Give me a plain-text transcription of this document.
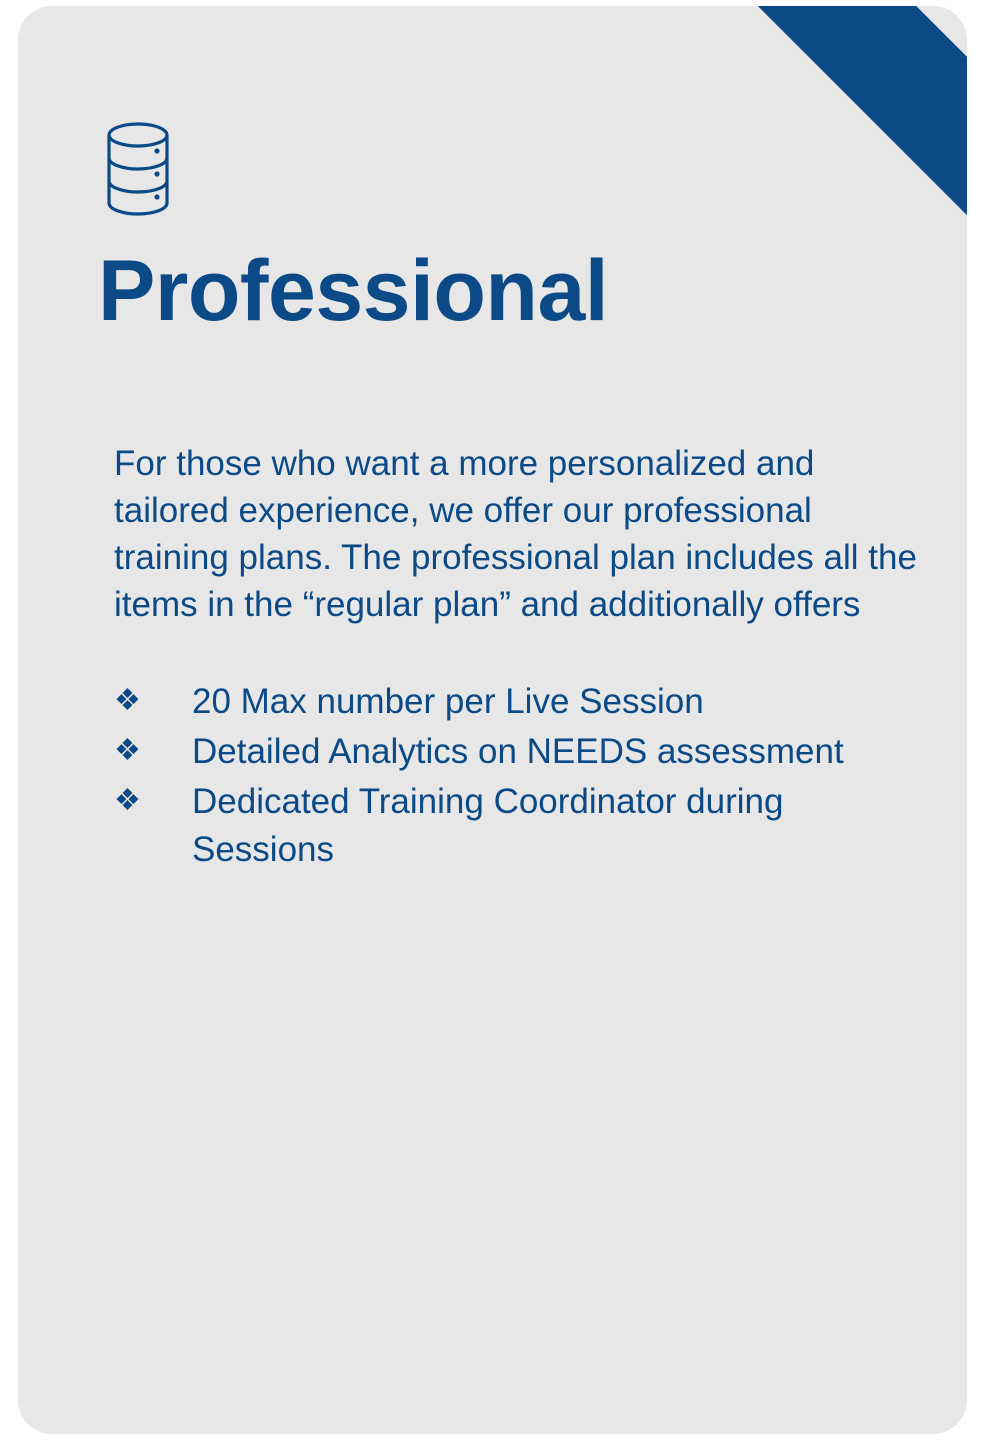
Professional

For those who want a more personalized and tailored experience, we offer our professional training plans. The professional plan includes all the items in the “regular plan” and additionally offers

❖	20 Max number per Live Session
❖	Detailed Analytics on NEEDS assessment
❖	Dedicated Training Coordinator during Sessions
